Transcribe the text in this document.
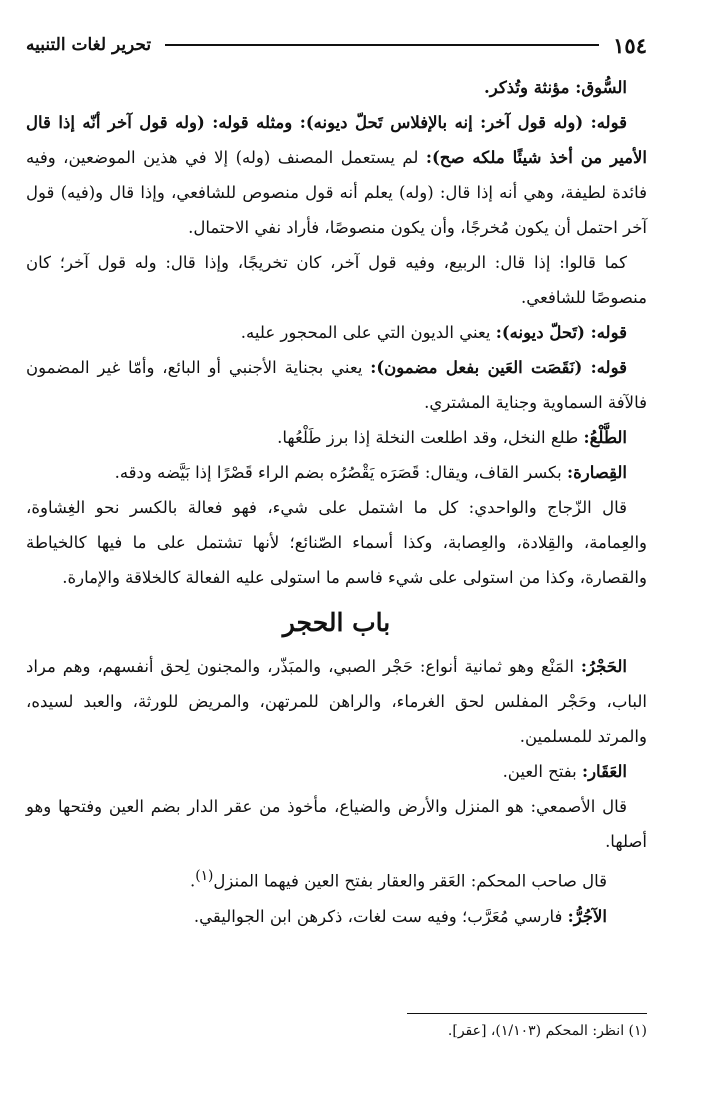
١٥٤
تحرير لغات التنبيه

السُّوق: مؤنثة وتُذكر.

قوله: (وله قول آخر: إنه بالإفلاس تَحلّ ديونه): ومثله قوله: (وله قول آخر أنّه إذا قال الأمير من أخذ شيئًا ملكه صح): لم يستعمل المصنف (وله) إلا في هذين الموضعين، وفيه فائدة لطيفة، وهي أنه إذا قال: (وله) يعلم أنه قول منصوص للشافعي، وإذا قال و(فيه) قول آخر احتمل أن يكون مُخرجًا، وأن يكون منصوصًا، فأراد نفي الاحتمال.

كما قالوا: إذا قال: الربيع، وفيه قول آخر، كان تخريجًا، وإذا قال: وله قول آخر؛ كان منصوصًا للشافعي.

قوله: (تَحلّ ديونه): يعني الديون التي على المحجور عليه.

قوله: (نَقَصَت العَين بفعل مضمون): يعني بجناية الأجنبي أو البائع، وأمّا غير المضمون فالآفة السماوية وجناية المشتري.

الطَّلْعُ: طلع النخل، وقد اطلعت النخلة إذا برز طَلْعُها.

القِصارة: بكسر القاف، ويقال: قَصَرَه يَقْصُرُه بضم الراء قَصْرًا إذا بَيَّضه ودقه.

قال الزّجاج والواحدي: كل ما اشتمل على شيء، فهو فعالة بالكسر نحو الغِشاوة، والعِمامة، والقِلادة، والعِصابة، وكذا أسماء الصّنائع؛ لأنها تشتمل على ما فيها كالخياطة والقصارة، وكذا من استولى على شيء فاسم ما استولى عليه الفعالة كالخلاقة والإمارة.

باب الحجر

الحَجْرُ: المَنْع وهو ثمانية أنواع: حَجْر الصبي، والمبَذّر، والمجنون لِحق أنفسهم، وهم مراد الباب، وحَجْر المفلس لحق الغرماء، والراهن للمرتهن، والمريض للورثة، والعبد لسيده، والمرتد للمسلمين.

العَقَار: بفتح العين.

قال الأصمعي: هو المنزل والأرض والضياع، مأخوذ من عقر الدار بضم العين وفتحها وهو أصلها.

قال صاحب المحكم: العَقر والعقار بفتح العين فيهما المنزل$^{(١)}$.

الآجُرُّ: فارسي مُعَرَّب؛ وفيه ست لغات، ذكرهن ابن الجواليقي.

(١) انظر: المحكم (١/١٠٣)، [عقر].
